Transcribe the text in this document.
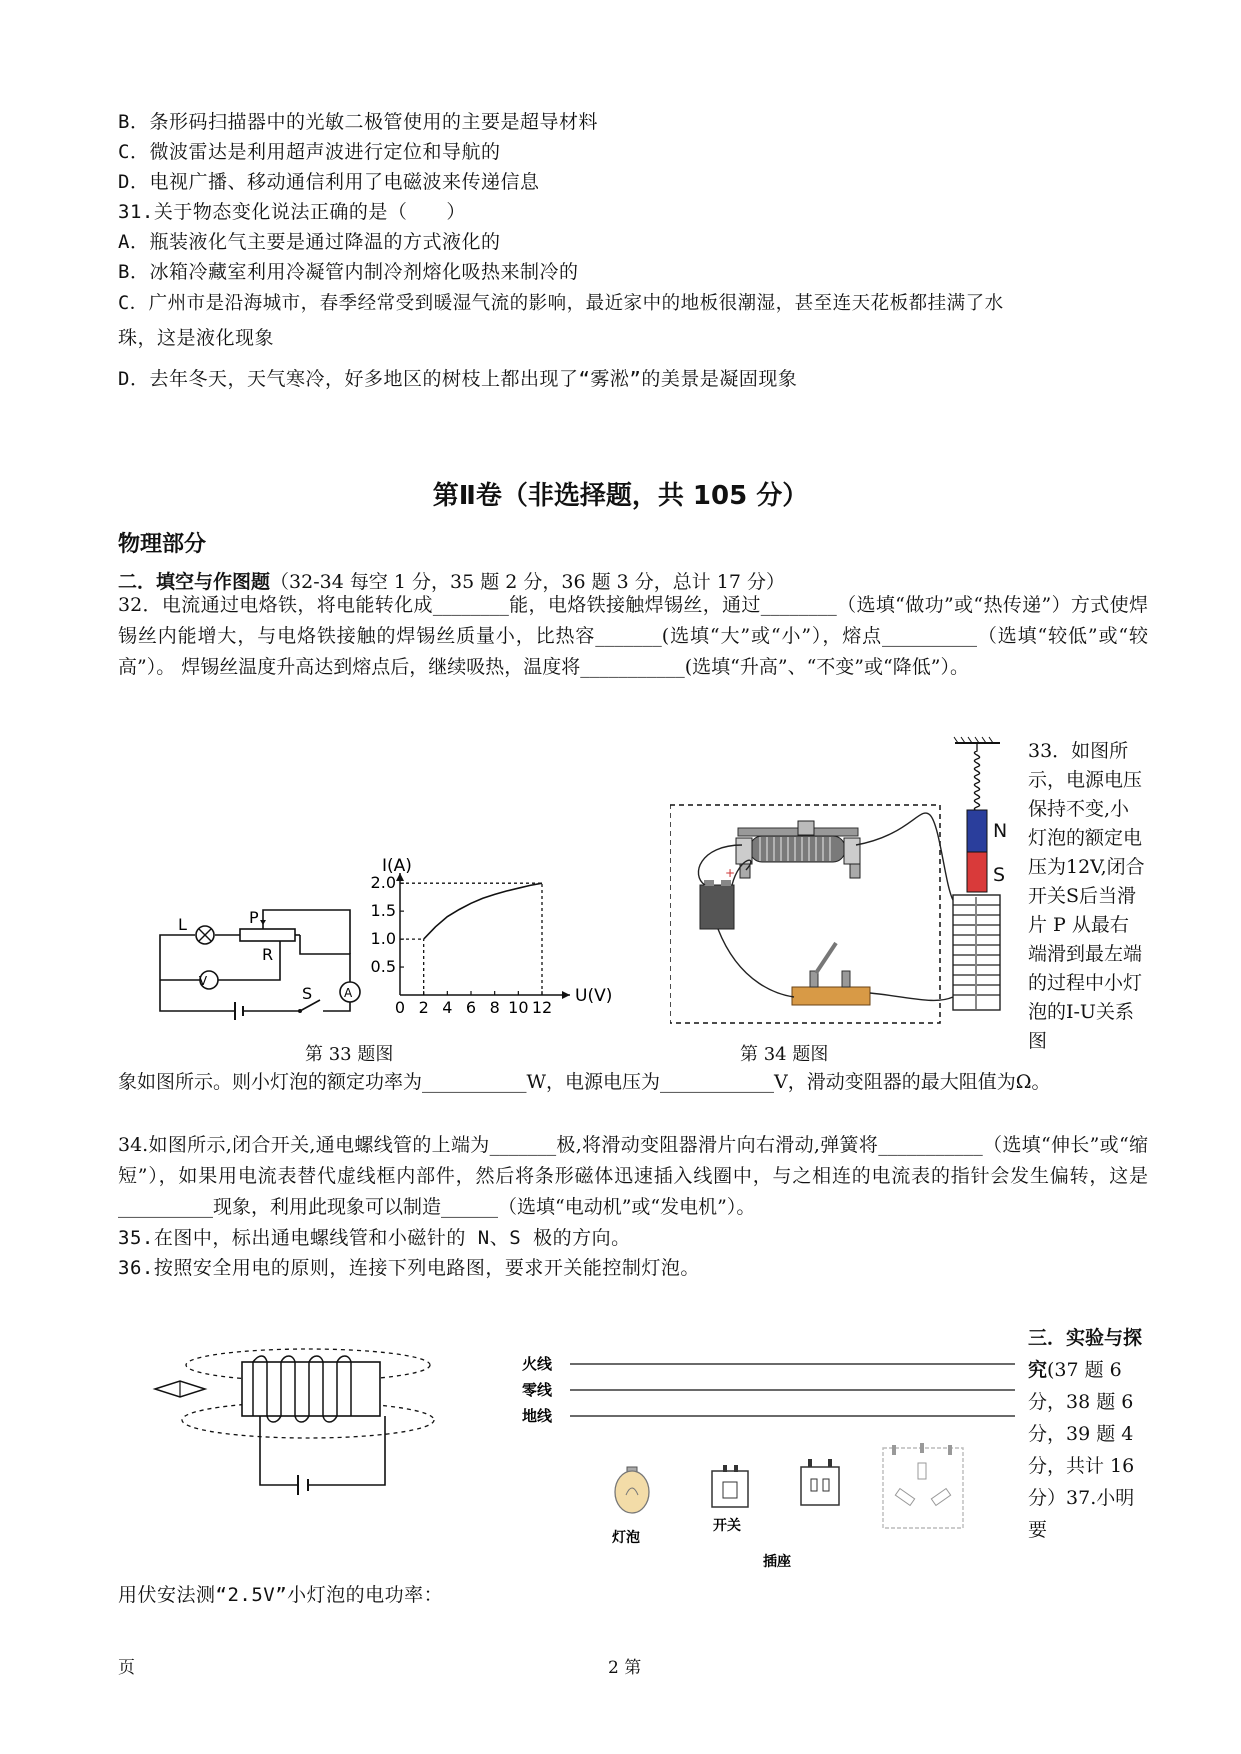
B．条形码扫描器中的光敏二极管使用的主要是超导材料
C．微波雷达是利用超声波进行定位和导航的
D．电视广播、移动通信利用了电磁波来传递信息
31.关于物态变化说法正确的是（　　）
A．瓶装液化气主要是通过降温的方式液化的
B．冰箱冷藏室利用冷凝管内制冷剂熔化吸热来制冷的
C．广州市是沿海城市，春季经常受到暖湿气流的影响，最近家中的地板很潮湿，甚至连天花板都挂满了水
珠，这是液化现象
D．去年冬天，天气寒冷，好多地区的树枝上都出现了“雾淞”的美景是凝固现象
第Ⅱ卷（非选择题，共 105 分）
物理部分
二．填空与作图题（32-34 每空 1 分，35 题 2 分，36 题 3 分，总计 17 分）
32．电流通过电烙铁，将电能转化成________能，电烙铁接触焊锡丝，通过________（选填“做功”或“热传递”）方式使焊锡丝内能增大，与电烙铁接触的焊锡丝质量小，比热容_______(选填“大”或“小”），熔点__________（选填“较低”或“较高”）。 焊锡丝温度升高达到熔点后，继续吸热，温度将___________(选填“升高”、“不变”或“降低”）。
33．如图所示，电源电压保持不变,小灯泡的额定电压为12V,闭合开关S后当滑片 P 从最右端滑到最左端的过程中小灯泡的I-U关系图
L
V
P
R
A
S
0 2 4 6 8 10 12
0.5
1.0
1.5
2.0
I(A)
U(V)
第 33 题图
N
S
+
第 34 题图
象如图所示。则小灯泡的额定功率为___________W，电源电压为____________V，滑动变阻器的最大阻值为Ω。
34.如图所示,闭合开关,通电螺线管的上端为_______极,将滑动变阻器滑片向右滑动,弹簧将___________（选填“伸长”或“缩短”），如果用电流表替代虚线框内部件，然后将条形磁体迅速插入线圈中，与之相连的电流表的指针会发生偏转，这是__________现象，利用此现象可以制造______（选填“电动机”或“发电机”）。
35.在图中，标出通电螺线管和小磁针的 N、S 极的方向。
36.按照安全用电的原则，连接下列电路图，要求开关能控制灯泡。
火线
零线
地线
灯泡
开关
插座
三．实验与探究(37 题 6 分，38 题 6 分，39 题 4 分，共计 16 分）37.小明要
用伏安法测“2.5V”小灯泡的电功率：
页	2 第
